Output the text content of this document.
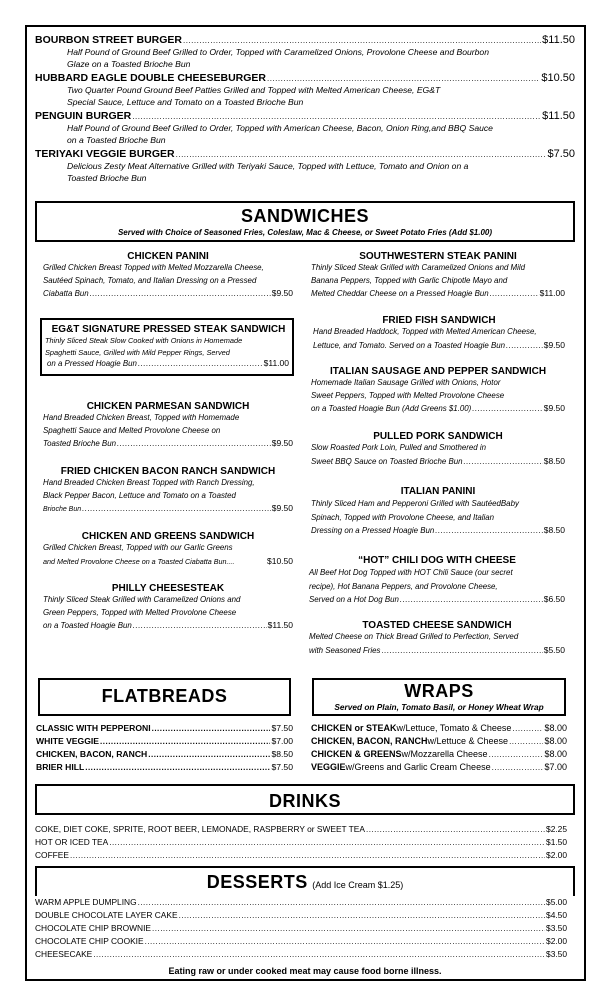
BOURBON STREET BURGER .....	$11.50
Half Pound of Ground Beef Grilled to Order, Topped with Caramelized Onions, Provolone Cheese and Bourbon
Glaze on a Toasted Brioche Bun
HUBBARD EAGLE DOUBLE CHEESEBURGER .....	$10.50
Two Quarter Pound Ground Beef Patties Grilled and Topped with Melted American Cheese, EG&T
Special Sauce, Lettuce and Tomato on a Toasted Brioche Bun
PENGUIN BURGER .....	$11.50
Half Pound of Ground Beef Grilled to Order, Topped with American Cheese, Bacon, Onion Ring,and BBQ Sauce
on a Toasted Brioche Bun
TERIYAKI VEGGIE BURGER .....	$7.50
Delicious Zesty Meat Alternative Grilled with Teriyaki Sauce, Topped with Lettuce, Tomato and Onion on a
Toasted Brioche Bun
SANDWICHES
Served with Choice of Seasoned Fries, Coleslaw, Mac & Cheese, or Sweet Potato Fries (Add $1.00)
CHICKEN PANINI
Grilled Chicken Breast Topped with Melted Mozzarella Cheese,
Sautéed Spinach, Tomato, and Italian Dressing on a Pressed
Ciabatta Bun .....	$9.50
EG&T SIGNATURE PRESSED STEAK SANDWICH
Thinly Sliced Steak Slow Cooked with Onions in Homemade
Spaghetti Sauce, Grilled with Mild Pepper Rings, Served
on a Pressed Hoagie Bun .....	$11.00
CHICKEN PARMESAN SANDWICH
Hand Breaded Chicken Breast, Topped with Homemade
Spaghetti Sauce and Melted Provolone Cheese on
Toasted Brioche Bun .....	$9.50
FRIED CHICKEN BACON RANCH SANDWICH
Hand Breaded Chicken Breast Topped with Ranch Dressing,
Black Pepper Bacon, Lettuce and Tomato on a Toasted
Brioche Bun .....	$9.50
CHICKEN AND GREENS SANDWICH
Grilled Chicken Breast, Topped with our Garlic Greens
and Melted Provolone Cheese on a Toasted Ciabatta Bun....	$10.50
PHILLY CHEESESTEAK
Thinly Sliced Steak Grilled with Caramelized Onions and
Green Peppers, Topped with Melted Provolone Cheese
on a Toasted Hoagie Bun .....	$11.50
SOUTHWESTERN STEAK PANINI
Thinly Sliced Steak Grilled with Caramelized Onions and Mild
Banana Peppers, Topped with Garlic Chipotle Mayo and
Melted Cheddar Cheese on a Pressed Hoagie Bun .....	$11.00
FRIED FISH SANDWICH
Hand Breaded Haddock, Topped with Melted American Cheese,
Lettuce, and Tomato. Served on a Toasted Hoagie Bun .....	$9.50
ITALIAN SAUSAGE AND PEPPER SANDWICH
Homemade Italian Sausage Grilled with Onions, Hotor
Sweet Peppers, Topped with Melted Provolone Cheese
on a Toasted Hoagie Bun (Add Greens $1.00) .....	$9.50
PULLED PORK SANDWICH
Slow Roasted Pork Loin, Pulled and Smothered in
Sweet BBQ Sauce on Toasted Brioche Bun .....	$8.50
ITALIAN PANINI
Thinly Sliced Ham and Pepperoni Grilled with SautéedBaby
Spinach, Topped with Provolone Cheese, and Italian
Dressing on a Pressed Hoagie Bun .....	$8.50
“HOT” CHILI DOG WITH CHEESE
All Beef Hot Dog Topped with HOT Chili Sauce (our secret
recipe), Hot Banana Peppers, and Provolone Cheese,
Served on a Hot Dog Bun .....	$6.50
TOASTED CHEESE SANDWICH
Melted Cheese on Thick Bread Grilled to Perfection, Served
with Seasoned Fries .....	$5.50
FLATBREADS
CLASSIC WITH PEPPERONI .....	$7.50
WHITE VEGGIE .....	$7.00
CHICKEN, BACON, RANCH .....	$8.50
BRIER HILL .....	$7.50
WRAPS
Served on Plain, Tomato Basil, or Honey Wheat Wrap
CHICKEN or STEAK w/Lettuce, Tomato & Cheese .....	$8.00
CHICKEN, BACON, RANCH w/Lettuce & Cheese .....	$8.00
CHICKEN & GREENS w/Mozzarella Cheese .....	$8.00
VEGGIE w/Greens and Garlic Cream Cheese .....	$7.00
DRINKS
COKE, DIET COKE, SPRITE, ROOT BEER, LEMONADE, RASPBERRY or SWEET TEA .....	$2.25
HOT OR ICED TEA .....	$1.50
COFFEE .....	$2.00
DESSERTS (Add Ice Cream $1.25)
WARM APPLE DUMPLING .....	$5.00
DOUBLE CHOCOLATE LAYER CAKE .....	$4.50
CHOCOLATE CHIP BROWNIE .....	$3.50
CHOCOLATE CHIP COOKIE .....	$2.00
CHEESECAKE .....	$3.50
Eating raw or under cooked meat may cause food borne illness.
